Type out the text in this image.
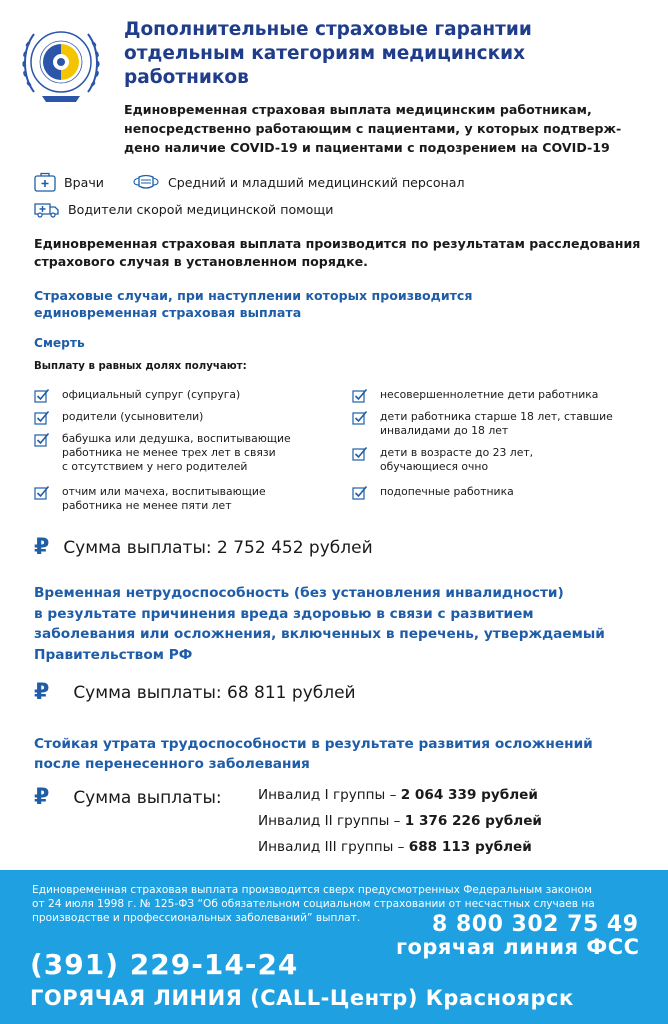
Дополнительные страховые гарантии
отдельным категориям медицинских
работников
Единовременная страховая выплата медицинским работникам,
непосредственно работающим с пациентами, у которых подтверж-
дено наличие COVID-19 и пациентами с подозрением на COVID-19
Врачи	Средний и младший медицинский персонал
Водители скорой медицинской помощи
Единовременная страховая выплата производится по результатам расследования
страхового случая в установленном порядке.
Страховые случаи, при наступлении которых производится
единовременная страховая выплата
Смерть
Выплату в равных долях получают:
официальный супруг (супруга)
родители (усыновители)
бабушка или дедушка, воспитывающие
работника не менее трех лет в связи
с отсутствием у него родителей
отчим или мачеха, воспитывающие
работника не менее пяти лет
несовершеннолетние дети работника
дети работника старше 18 лет, ставшие
инвалидами до 18 лет
дети в возрасте до 23 лет,
обучающиеся очно
подопечные работника
₽ Сумма выплаты: 2 752 452 рублей
Временная нетрудоспособность (без установления инвалидности)
в результате причинения вреда здоровью в связи с развитием
заболевания или осложнения, включенных в перечень, утверждаемый
Правительством РФ
₽ Сумма выплаты: 68 811 рублей
Стойкая утрата трудоспособности в результате развития осложнений
после перенесенного заболевания
₽ Сумма выплаты:	Инвалид I группы – 2 064 339 рублей
Инвалид II группы – 1 376 226 рублей
Инвалид III группы – 688 113 рублей
Единовременная страховая выплата производится сверх предусмотренных Федеральным законом
от 24 июля 1998 г. № 125-ФЗ “Об обязательном социальном страховании от несчастных случаев на
производстве и профессиональных заболеваний” выплат.	8 800 302 75 49
горячая линия ФСС
(391) 229-14-24
ГОРЯЧАЯ ЛИНИЯ (CALL-Центр) Красноярск
